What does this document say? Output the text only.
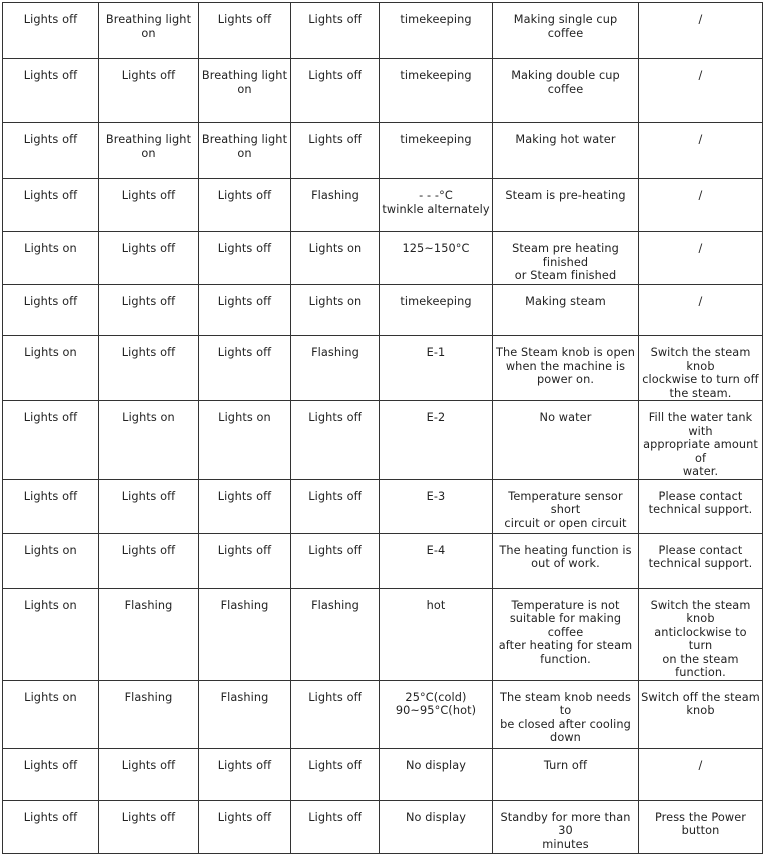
Lights off	Breathing light
on	Lights off	Lights off	timekeeping	Making single cup coffee	/

Lights off	Lights off	Breathing light
on	Lights off	timekeeping	Making double cup coffee	/

Lights off	Breathing light
on	Breathing light
on	Lights off	timekeeping	Making hot water	/

Lights off	Lights off	Lights off	Flashing	- - -°C
twinkle alternately	Steam is pre-heating	/

Lights on	Lights off	Lights off	Lights on	125~150°C	Steam pre heating finished
or Steam finished	/

Lights off	Lights off	Lights off	Lights on	timekeeping	Making steam	/

Lights on	Lights off	Lights off	Flashing	E-1	The Steam knob is open
when the machine is
power on.	Switch the steam knob
clockwise to turn off
the steam.

Lights off	Lights on	Lights on	Lights off	E-2	No water	Fill the water tank with
appropriate amount of
water.

Lights off	Lights off	Lights off	Lights off	E-3	Temperature sensor short
circuit or open circuit	Please contact
technical support.

Lights on	Lights off	Lights off	Lights off	E-4	The heating function is
out of work.	Please contact
technical support.

Lights on	Flashing	Flashing	Flashing	hot	Temperature is not
suitable for making coffee
after heating for steam
function.	Switch the steam knob
anticlockwise to turn
on the steam function.

Lights on	Flashing	Flashing	Lights off	25°C(cold)
90~95°C(hot)	The steam knob needs to
be closed after cooling
down	Switch off the steam
knob

Lights off	Lights off	Lights off	Lights off	No display	Turn off	/

Lights off	Lights off	Lights off	Lights off	No display	Standby for more than 30
minutes	Press the Power button
